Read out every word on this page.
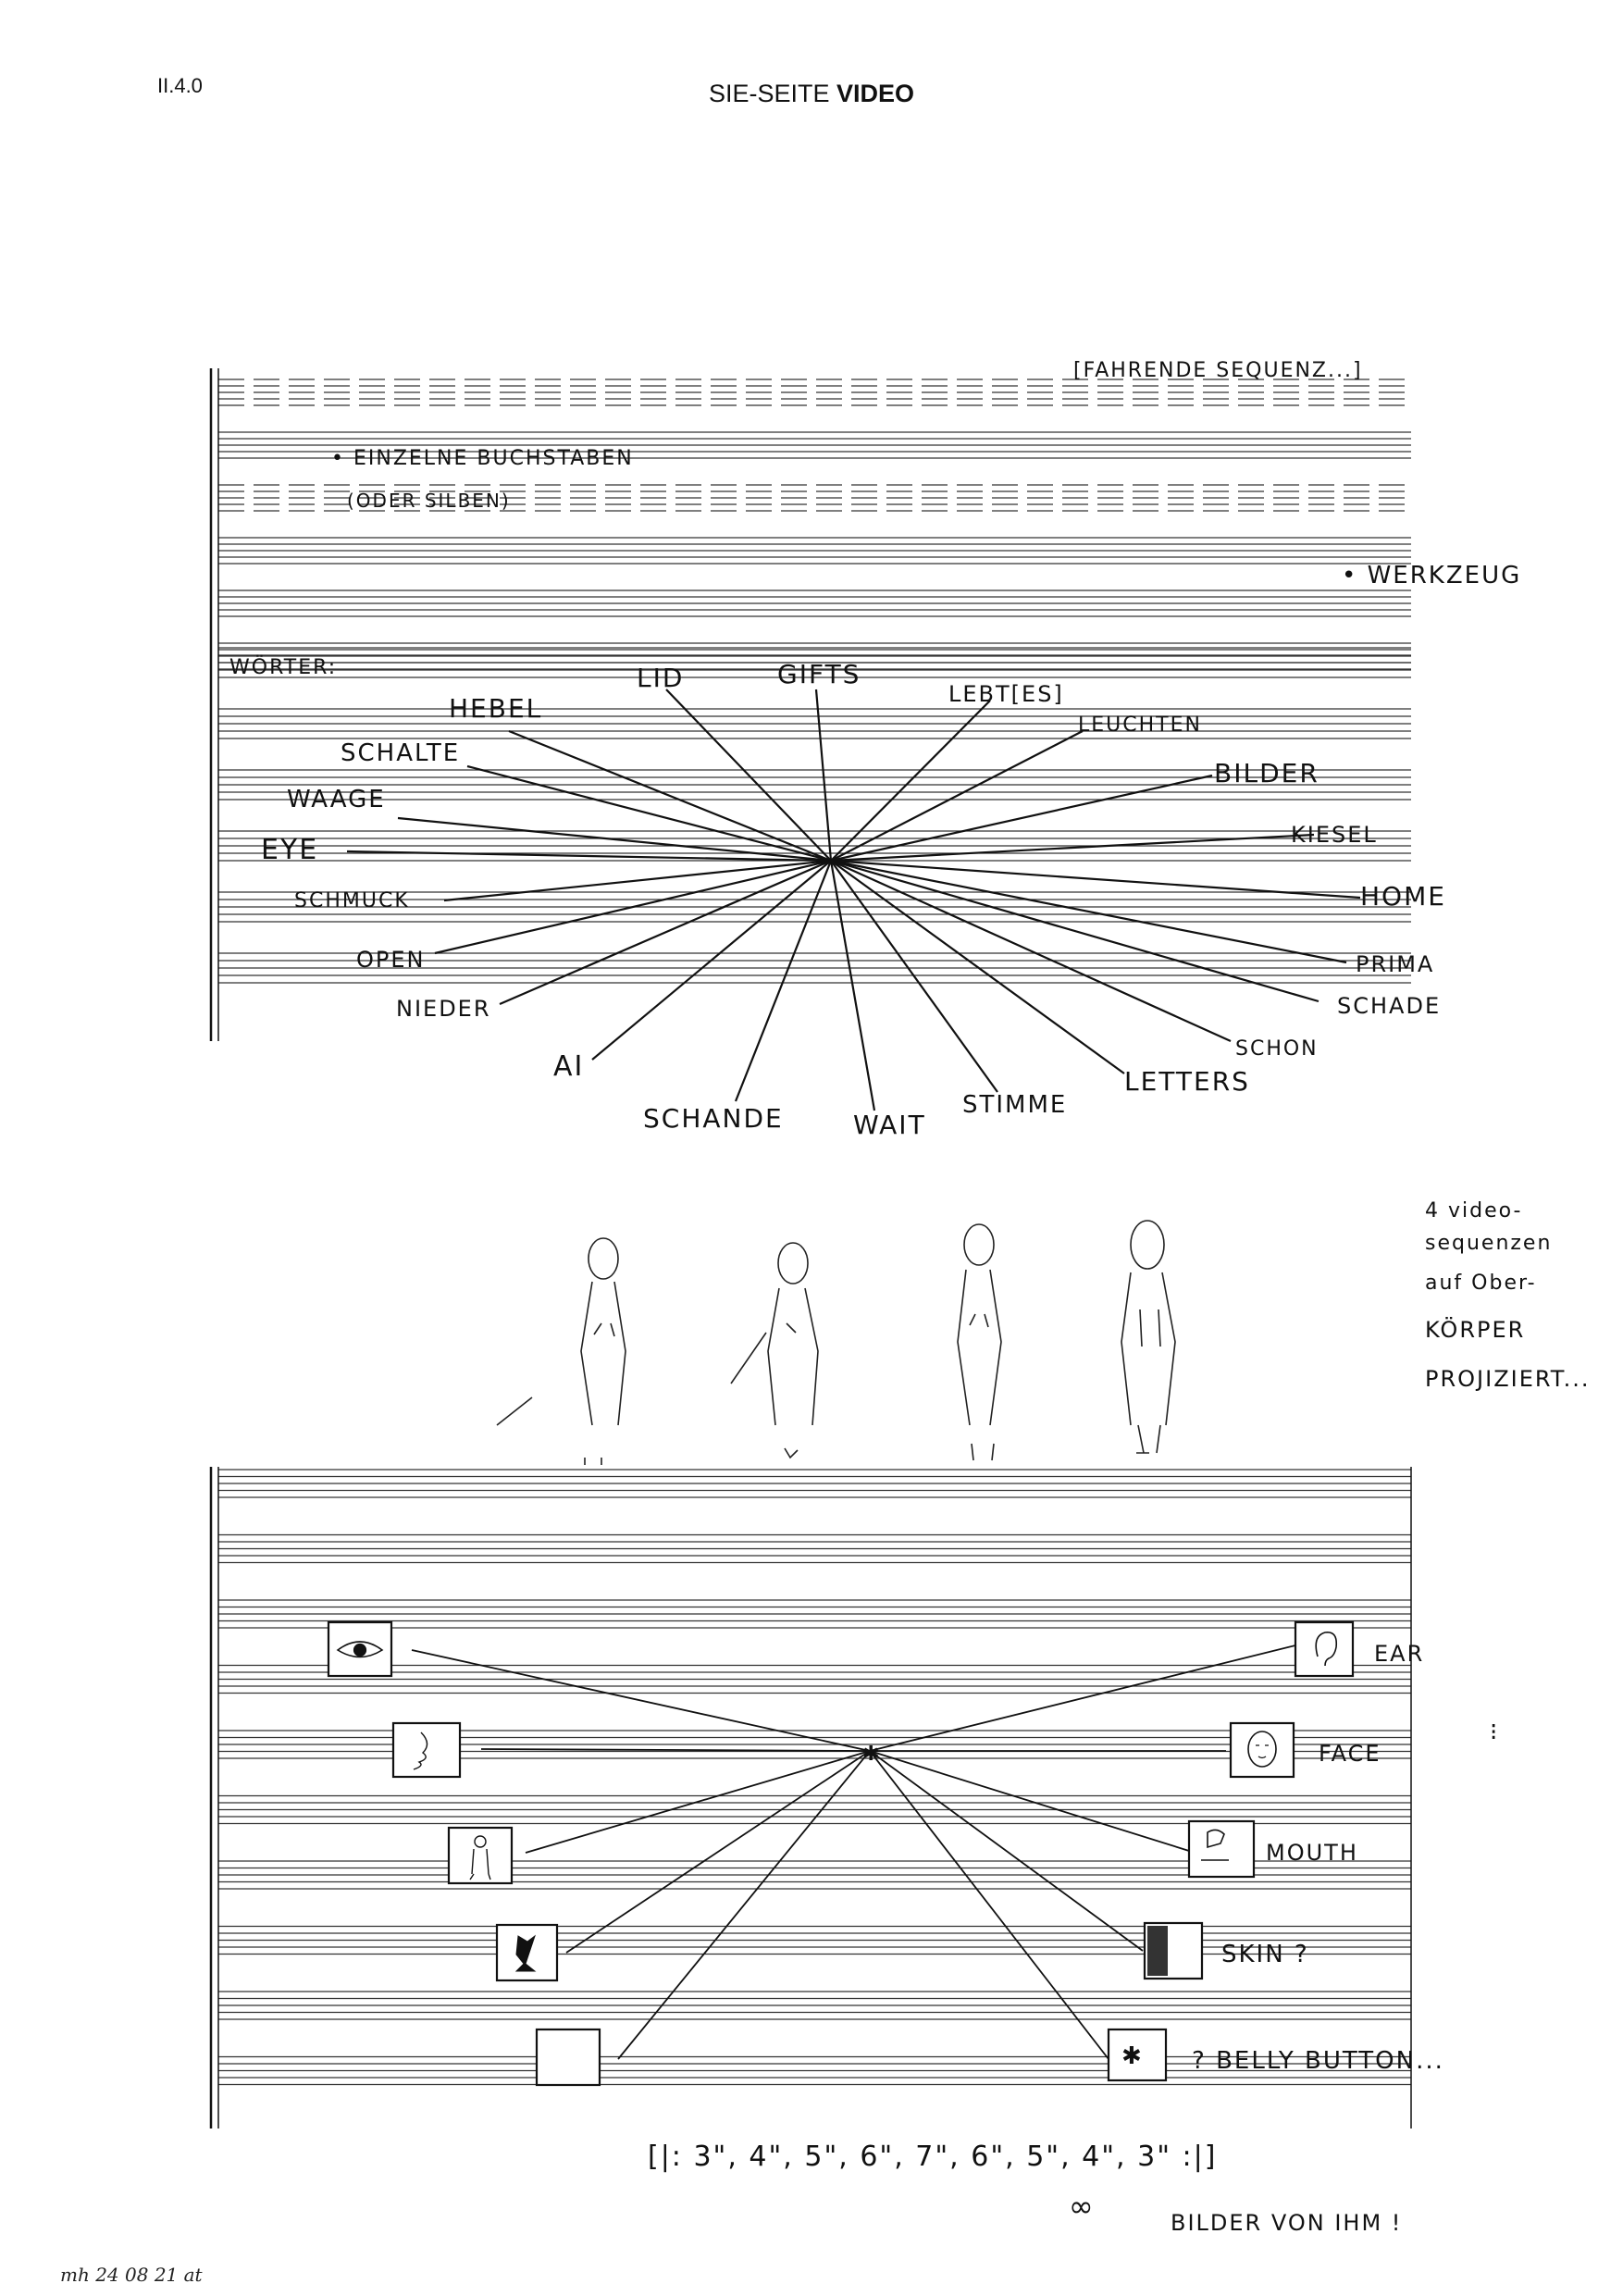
II.4.0	SIE-SEITE VIDEO
[FAHRENDE SEQUENZ...]
• EINZELNE BUCHSTABEN
(ODER SILBEN)
• WERKZEUG
WÖRTER:
HEBEL
LID	GIFTS
LEBT[ES]
LEUCHTEN
SCHALTE
BILDER
WAAGE
EYE	KIESEL
SCHMUCK	HOME
OPEN	PRIMA
NIEDER	SCHADE
SCHON
AI
SCHANDE	WAIT
STIMME
LETTERS
4 video-
sequenzen
auf Ober-
KÖRPER
PROJIZIERT...
✱
✱
EAR
FACE
MOUTH
SKIN ?
? BELLY BUTTON...
⁝
[|: 3", 4", 5", 6", 7", 6", 5", 4", 3" :|]
∞	BILDER VON IHM !
mh 24 08 21 at
